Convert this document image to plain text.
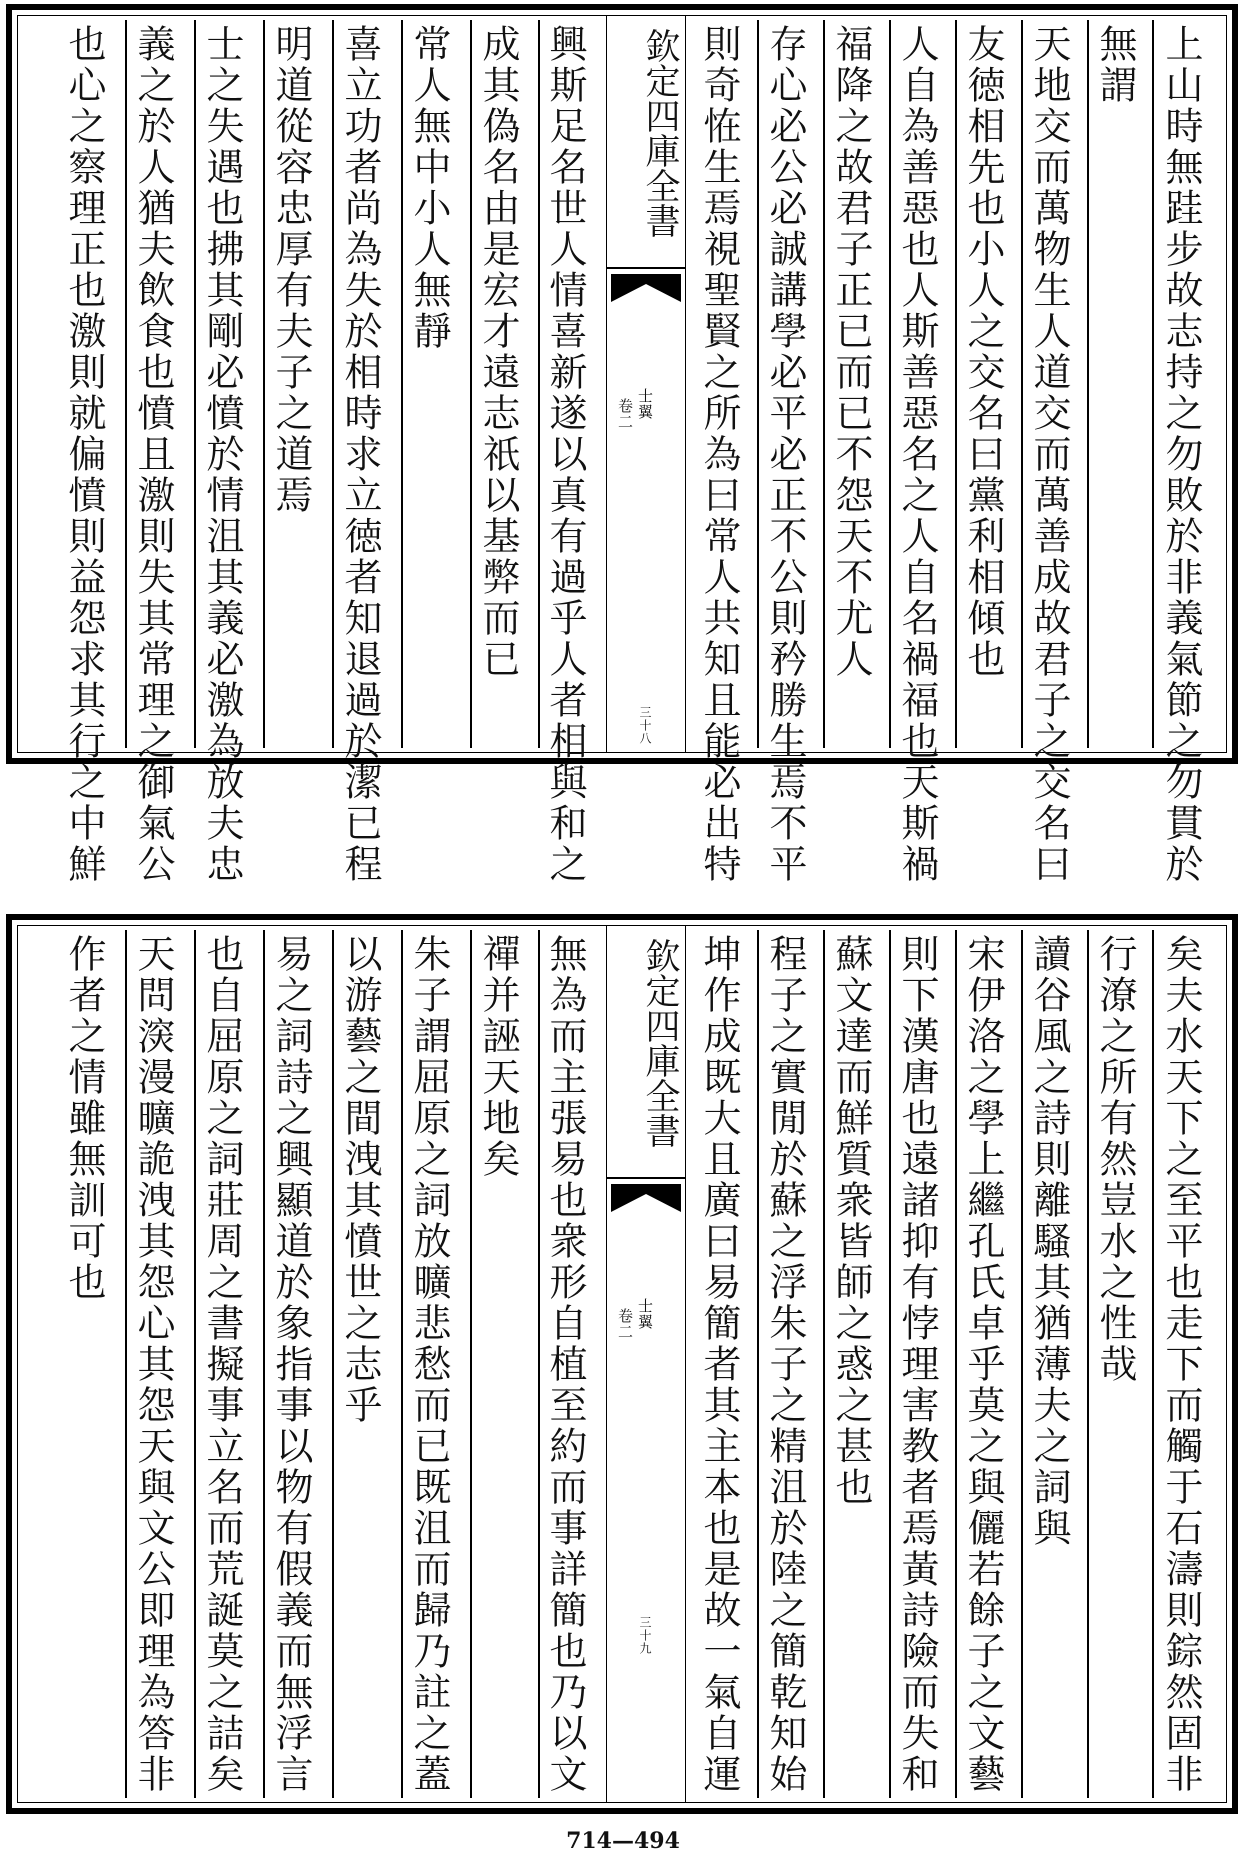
上山時無跬步故志持之勿敗於非義氣節之勿貫於
無謂
天地交而萬物生人道交而萬善成故君子之交名曰
友徳相先也小人之交名曰黨利相傾也
人自為善惡也人斯善惡名之人自名禍福也天斯禍
福降之故君子正已而已不怨天不尤人
存心必公必誠講學必平必正不公則矜勝生焉不平
則奇恠生焉視聖賢之所為曰常人共知且能必出特
欽定四庫全書
士翼
卷二
三十八
興斯足名世人情喜新遂以真有過乎人者相與和之
成其偽名由是宏才遠志祇以基弊而已
常人無中小人無靜
喜立功者尚為失於相時求立徳者知退過於潔已程
明道從容忠厚有夫子之道焉
士之失遇也拂其剛必憤於情沮其義必激為放夫忠
義之於人猶夫飲食也憤且激則失其常理之御氣公
也心之察理正也激則就偏憤則益怨求其行之中鮮
矣夫水天下之至平也走下而觸于石濤則錝然固非
行潦之所有然豈水之性哉
讀谷風之詩則離騷其猶薄夫之詞與
宋伊洛之學上繼孔氏卓乎莫之與儷若餘子之文藝
則下漢唐也遠諸抑有悖理害教者焉黃詩險而失和
蘇文達而鮮質衆皆師之惑之甚也
程子之實閒於蘇之浮朱子之精沮於陸之簡乾知始
坤作成既大且廣曰易簡者其主本也是故一氣自運
欽定四庫全書
士翼
卷二
三十九
無為而主張易也衆形自植至約而事詳簡也乃以文
禪并誣天地矣
朱子謂屈原之詞放曠悲愁而已既沮而歸乃註之蓋
以游藝之間洩其憤世之志乎
易之詞詩之興顯道於象指事以物有假義而無浮言
也自屈原之詞莊周之書擬事立名而荒誕莫之詰矣
天問㴱漫曠詭洩其怨心其怨天與文公即理為答非
作者之情雖無訓可也
714—494
